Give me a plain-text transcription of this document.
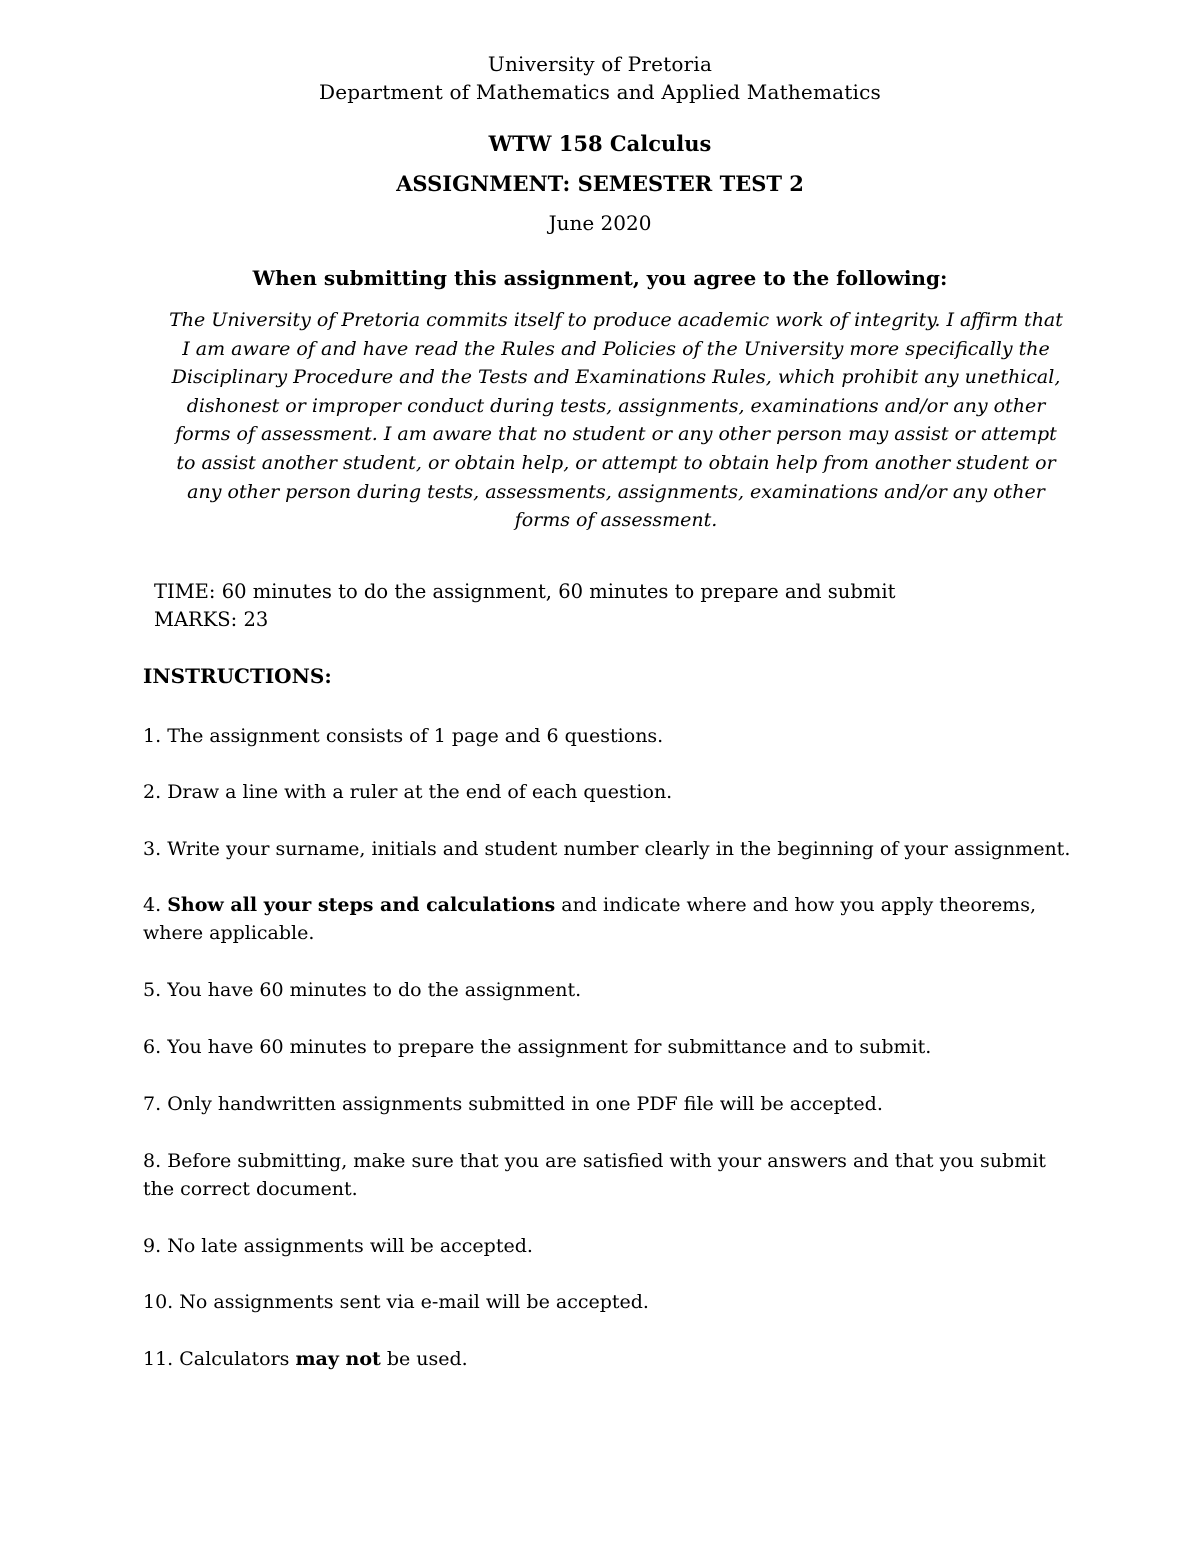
University of Pretoria
Department of Mathematics and Applied Mathematics
WTW 158 Calculus
ASSIGNMENT: SEMESTER TEST 2
June 2020
When submitting this assignment, you agree to the following:
The University of Pretoria commits itself to produce academic work of integrity. I affirm that
I am aware of and have read the Rules and Policies of the University more specifically the
Disciplinary Procedure and the Tests and Examinations Rules, which prohibit any unethical,
dishonest or improper conduct during tests, assignments, examinations and/or any other
forms of assessment. I am aware that no student or any other person may assist or attempt
to assist another student, or obtain help, or attempt to obtain help from another student or
any other person during tests, assessments, assignments, examinations and/or any other
forms of assessment.
TIME: 60 minutes to do the assignment, 60 minutes to prepare and submit
MARKS: 23
INSTRUCTIONS:
1. The assignment consists of 1 page and 6 questions.
2. Draw a line with a ruler at the end of each question.
3. Write your surname, initials and student number clearly in the beginning of your assignment.
4. Show all your steps and calculations and indicate where and how you apply theorems,
where applicable.
5. You have 60 minutes to do the assignment.
6. You have 60 minutes to prepare the assignment for submittance and to submit.
7. Only handwritten assignments submitted in one PDF file will be accepted.
8. Before submitting, make sure that you are satisfied with your answers and that you submit
the correct document.
9. No late assignments will be accepted.
10. No assignments sent via e-mail will be accepted.
11. Calculators may not be used.
